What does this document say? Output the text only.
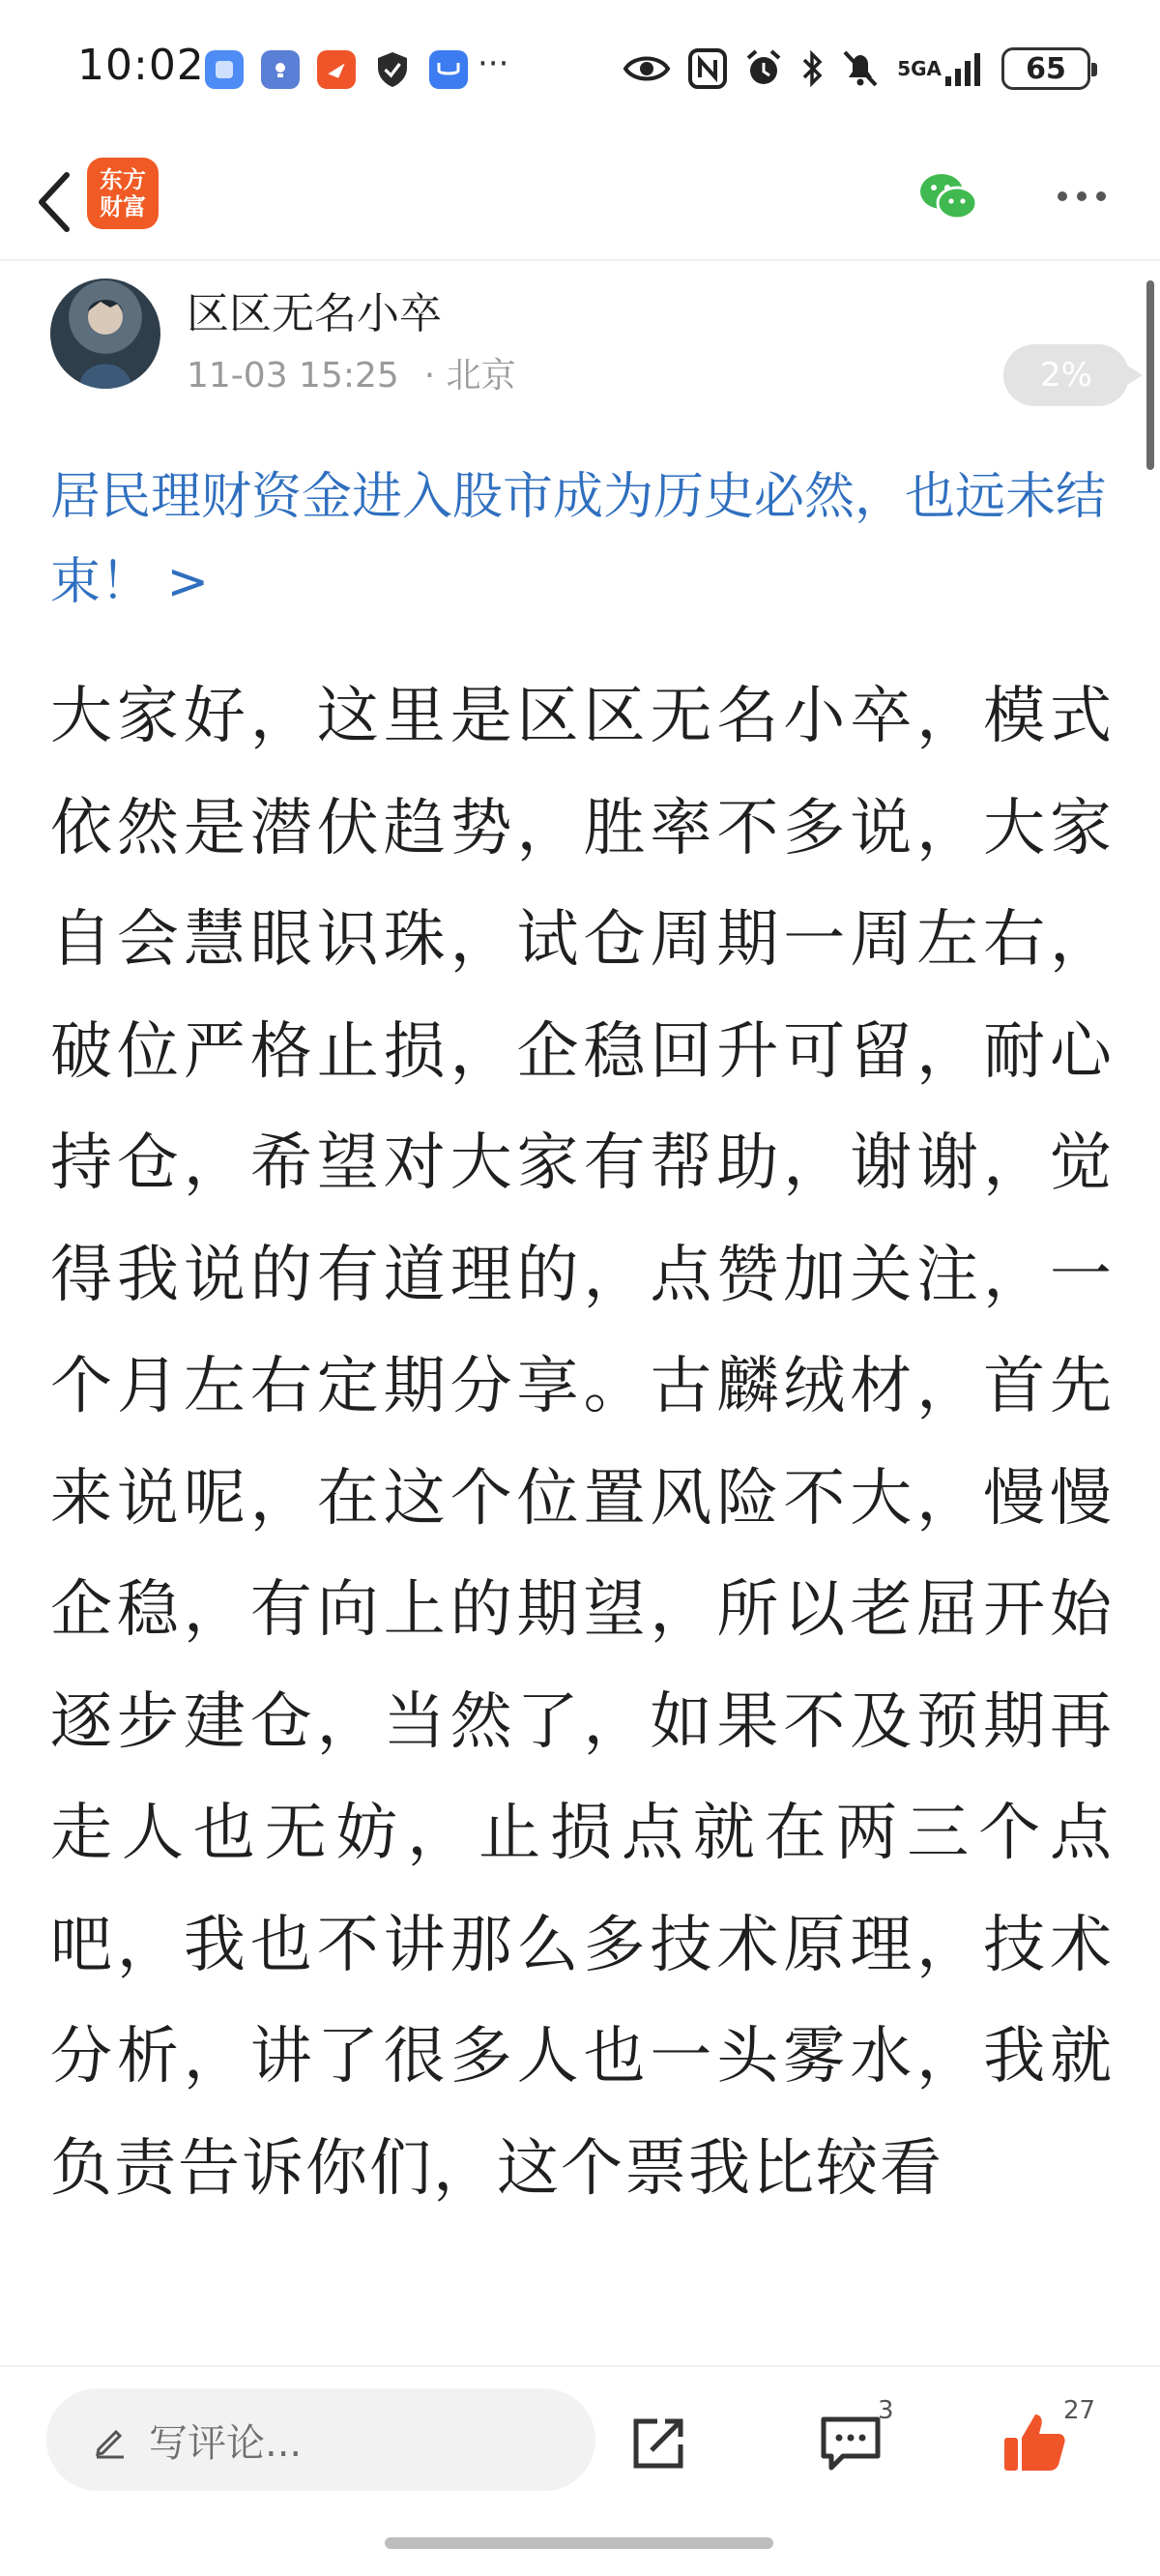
10:02	···	5GA	65
东方财富
区区无名小卒
11-03 15:25 · 北京	2%
居民理财资金进入股市成为历史必然，也远未结束！ >
大家好，这里是区区无名小卒，模式依然是潜伏趋势，胜率不多说，大家自会慧眼识珠，试仓周期一周左右，破位严格止损，企稳回升可留，耐心持仓，希望对大家有帮助，谢谢，觉得我说的有道理的，点赞加关注，一个月左右定期分享。古麟绒材，首先来说呢，在这个位置风险不大，慢慢企稳，有向上的期望，所以老屈开始逐步建仓，当然了，如果不及预期再走人也无妨，止损点就在两三个点吧，我也不讲那么多技术原理，技术分析，讲了很多人也一头雾水，我就负责告诉你们，这个票我比较看
写评论...
3	27
